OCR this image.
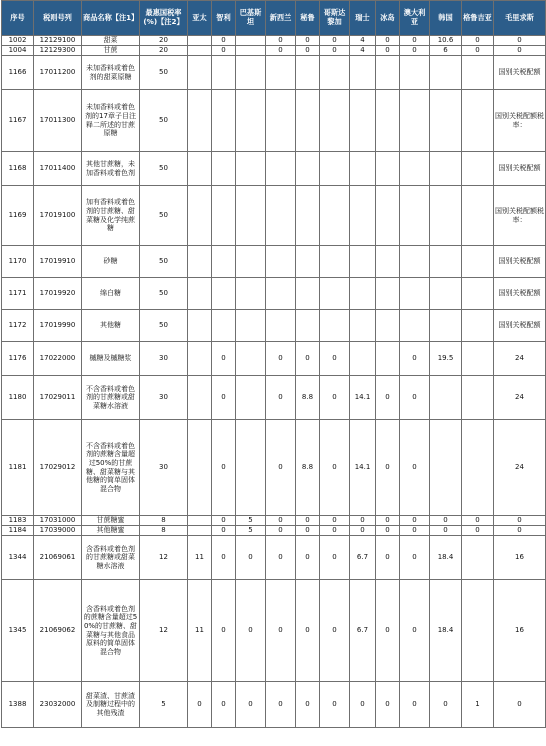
序号	税则号列	商品名称【注1】	最惠国税率(%)【注2】	亚太	智利	巴基斯坦	新西兰	秘鲁	哥斯达黎加	瑞士	冰岛	澳大利亚	韩国	格鲁吉亚	毛里求斯
1002	12129100	甜菜	20		0		0	0	0	4	0	0	10.6	0	0
1004	12129300	甘蔗	20		0		0	0	0	4	0	0	6	0	0
1166	17011200	未加香料或着色剂的甜菜原糖	50												国别关税配额
1167	17011300	未加香料或着色剂的17章子目注释二所述的甘蔗原糖	50												国别关税配额税率：
1168	17011400	其他甘蔗糖，未加香料或着色剂	50												国别关税配额
1169	17019100	加有香料或着色剂的甘蔗糖、甜菜糖及化学纯蔗糖	50												国别关税配额税率：
1170	17019910	砂糖	50												国别关税配额
1171	17019920	绵白糖	50												国别关税配额
1172	17019990	其他糖	50												国别关税配额
1176	17022000	槭糖及槭糖浆	30		0		0	0	0			0	19.5		24
1180	17029011	不含香料或着色剂的甘蔗糖或甜菜糖水溶液	30		0		0	8.8	0	14.1	0	0			24
1181	17029012	不含香料或着色剂的蔗糖含量超过50%的甘蔗糖、甜菜糖与其他糖的简单固体混合物	30		0		0	8.8	0	14.1	0	0			24
1183	17031000	甘蔗糖蜜	8		0	5	0	0	0	0	0	0	0	0	0
1184	17039000	其他糖蜜	8		0	5	0	0	0	0	0	0	0	0	0
1344	21069061	含香料或着色剂的甘蔗糖或甜菜糖水溶液	12	11	0	0	0	0	0	6.7	0	0	18.4		16
1345	21069062	含香料或着色剂的蔗糖含量超过50%的甘蔗糖、甜菜糖与其他食品原料的简单固体混合物	12	11	0	0	0	0	0	6.7	0	0	18.4		16
1388	23032000	甜菜渣、甘蔗渣及制糖过程中的其他残渣	5	0	0	0	0	0	0	0	0	0	0	1	0
